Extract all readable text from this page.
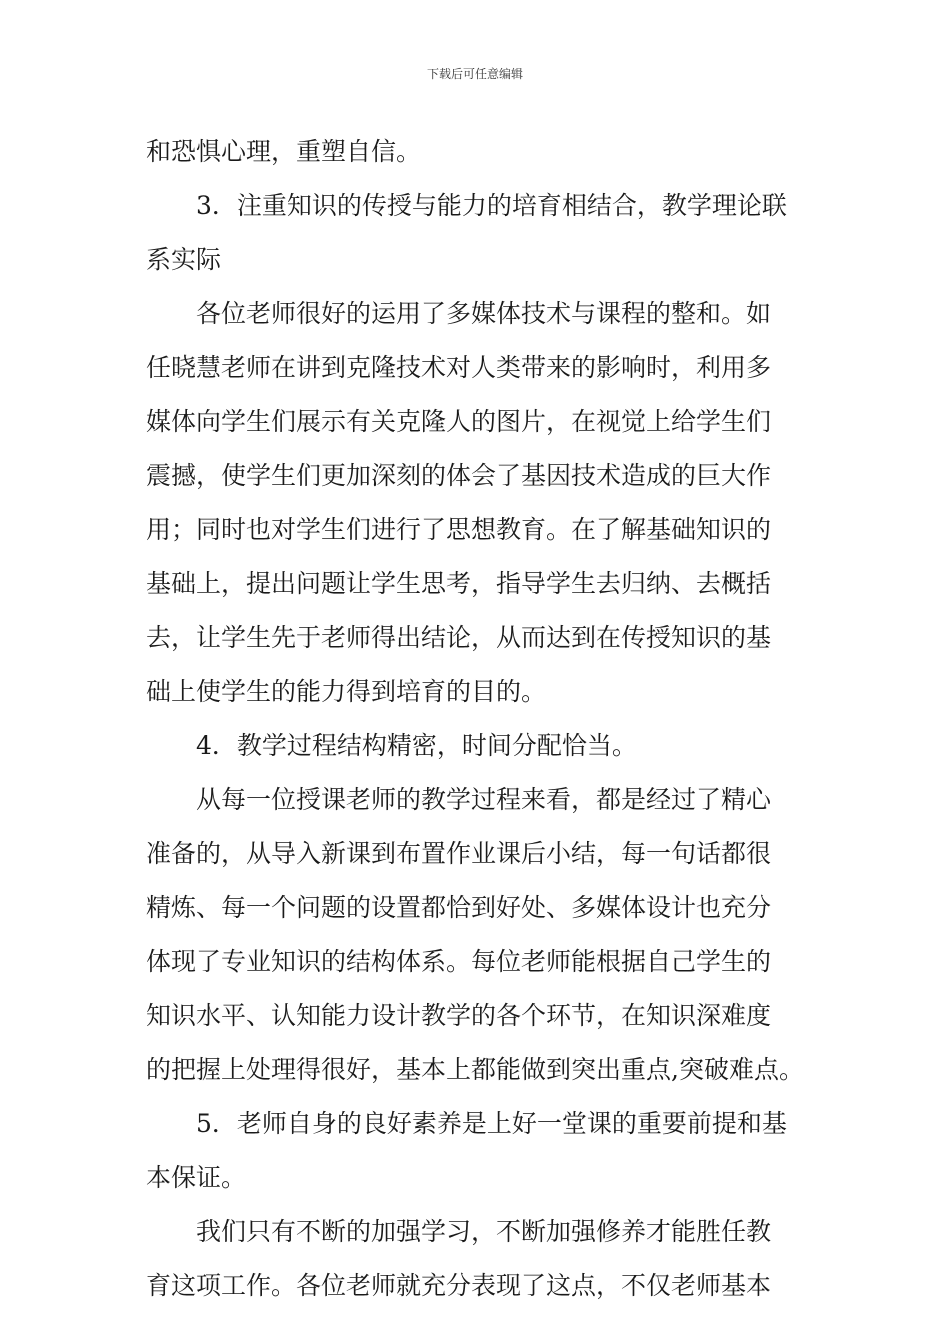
下载后可任意编辑
和恐惧心理，重塑自信。
3．注重知识的传授与能力的培育相结合，教学理论联
系实际
各位老师很好的运用了多媒体技术与课程的整和。如
任晓慧老师在讲到克隆技术对人类带来的影响时，利用多
媒体向学生们展示有关克隆人的图片，在视觉上给学生们
震撼，使学生们更加深刻的体会了基因技术造成的巨大作
用；同时也对学生们进行了思想教育。在了解基础知识的
基础上，提出问题让学生思考，指导学生去归纳、去概括
去，让学生先于老师得出结论，从而达到在传授知识的基
础上使学生的能力得到培育的目的。
4．教学过程结构精密，时间分配恰当。
从每一位授课老师的教学过程来看，都是经过了精心
准备的，从导入新课到布置作业课后小结，每一句话都很
精炼、每一个问题的设置都恰到好处、多媒体设计也充分
体现了专业知识的结构体系。每位老师能根据自己学生的
知识水平、认知能力设计教学的各个环节，在知识深难度
的把握上处理得很好，基本上都能做到突出重点,突破难点。
5．老师自身的良好素养是上好一堂课的重要前提和基
本保证。
我们只有不断的加强学习，不断加强修养才能胜任教
育这项工作。各位老师就充分表现了这点，不仅老师基本
